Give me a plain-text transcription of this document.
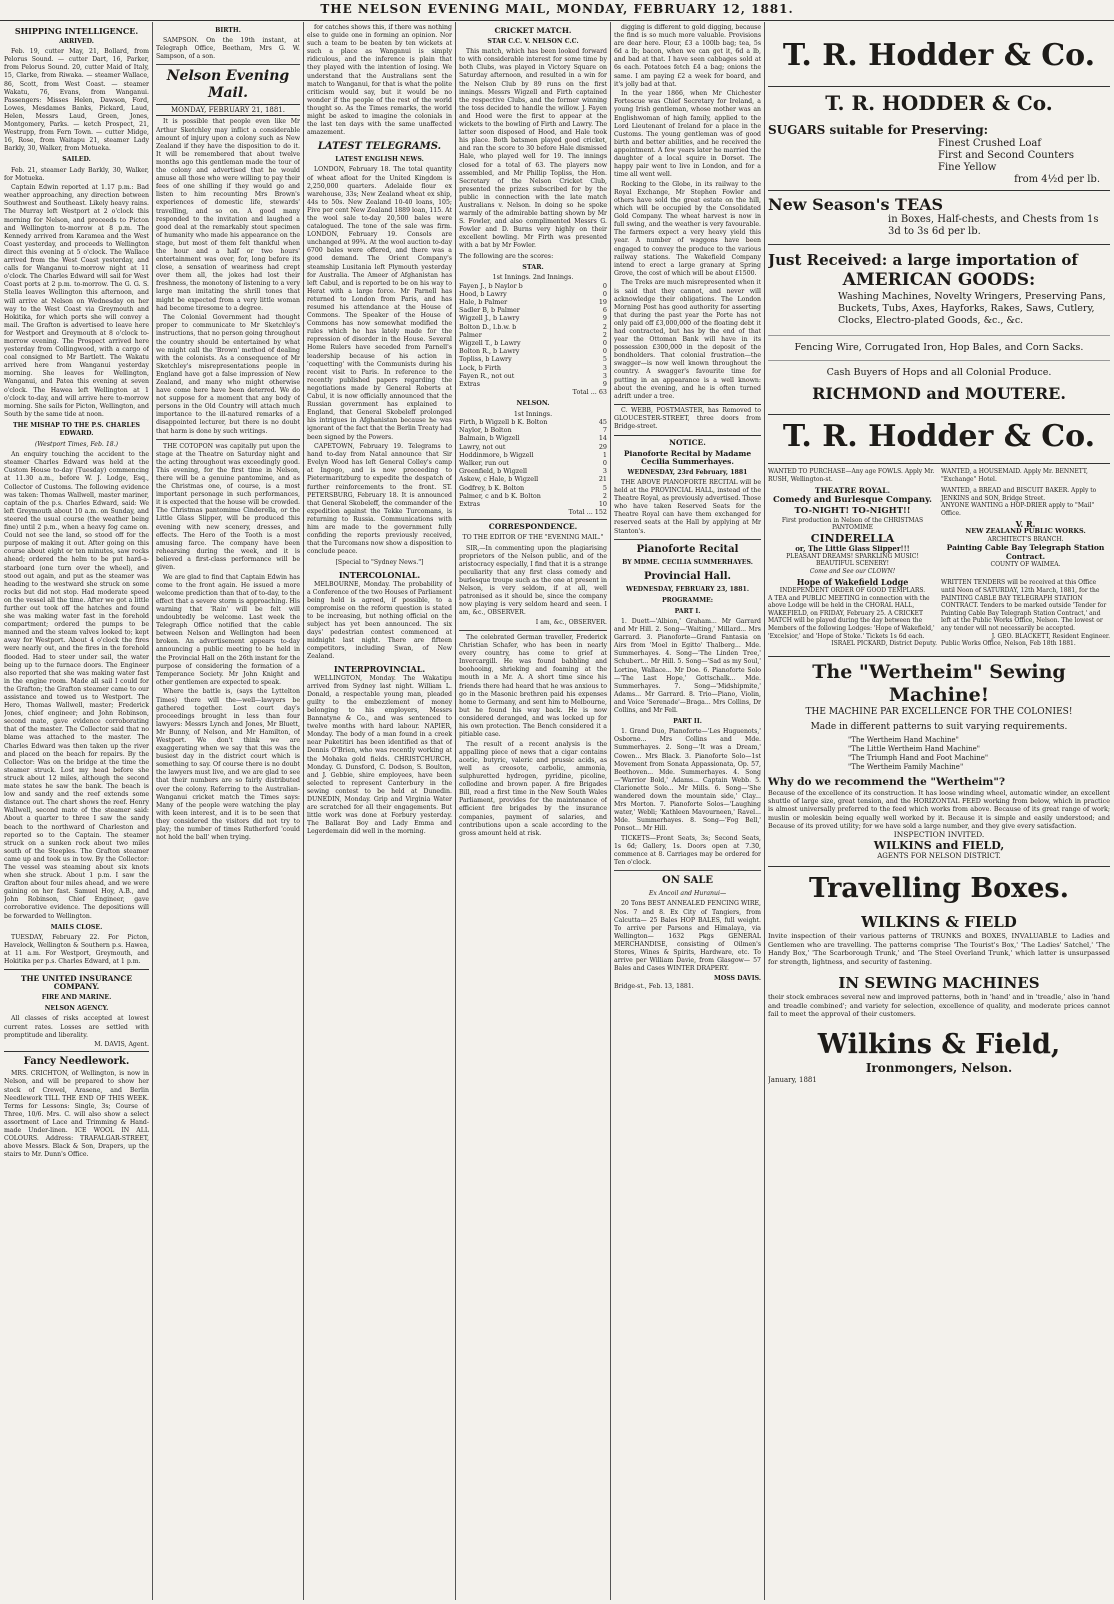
THE NELSON EVENING MAIL, MONDAY, FEBRUARY 12, 1881.
SHIPPING INTELLIGENCE.
ARRIVED.

Feb. 19, cutter May, 21, Bollard, from Pelorus Sound. — cutter Dart, 16, Parker, from Pelorus Sound. 20, cutter Maid of Italy, 15, Clarke, from Riwaka. — steamer Wallace, 86, Scott, from West Coast. — steamer Wakatu, 76, Evans, from Wanganui. Passengers: Misses Helen, Dawson, Ford, Lowes, Mesdames Banks, Pickard, Laud, Helen, Messrs Laud, Green, Jones, Montgomery, Parks. — ketch Prospect, 21, Westrupp, from Fern Town. — cutter Midge, 16, Rose, from Waitapu 21, steamer Lady Barkly, 30, Walker, from Motueka.

SAILED.

Feb. 21, steamer Lady Barkly, 30, Walker, for Motueka.

Captain Edwin reported at 1.17 p.m.: Bad weather approaching, any direction between Southwest and Southeast. Likely heavy rains. The Murray left Westport at 2 o'clock this morning for Nelson, and proceeds to Picton and Wellington to-morrow at 8 p.m. The Kennedy arrived from Karamea and the West Coast yesterday, and proceeds to Wellington direct this evening at 5 o'clock. The Wallace arrived from the West Coast yesterday, and calls for Wanganui to-morrow night at 11 o'clock. The Charles Edward will sail for West Coast ports at 2 p.m. to-morrow. The G. G. S. Stella leaves Wellington this afternoon, and will arrive at Nelson on Wednesday on her way to the West Coast via Greymouth and Hokitika, for which ports she will convey a mail. The Grafton is advertised to leave here for Westport and Greymouth at 8 o'clock to-morrow evening. The Prospect arrived here yesterday from Collingwood, with a cargo of coal consigned to Mr Bartlett. The Wakatu arrived here from Wanganui yesterday morning. She leaves for Wellington, Wanganui, and Patea this evening at seven o'clock. The Hawea left Wellington at 1 o'clock to-day, and will arrive here to-morrow morning. She sails for Picton, Wellington, and South by the same tide at noon.

THE MISHAP TO THE P.S. CHARLES EDWARD.
(Westport Times, Feb. 18.)

An enquiry touching the accident to the steamer Charles Edward was held at the Custom House to-day (Tuesday) commencing at 11.30 a.m., before W. J. Lodge, Esq., Collector of Customs. The following evidence was taken: Thomas Wallwell, master mariner, captain of the p.s. Charles Edward, said: We left Greymouth about 10 a.m. on Sunday, and steered the usual course (the weather being fine) until 2 p.m., when a heavy fog came on. Could not see the land, so stood off for the purpose of making it out. After going on this course about eight or ten minutes, saw rocks ahead; ordered the helm to be put hard-a-starboard (one turn over the wheel), and stood out again, and put as the steamer was heading to the westward she struck on some rocks but did not stop. Had moderate speed on the vessel all the time. After we got a little further out took off the hatches and found she was making water fast in the forehold compartment; ordered the pumps to be manned and the steam valves looked to; kept away for Westport. About 4 o'clock the fires were nearly out, and the fires in the forehold flooded. Had to steer under sail, the water being up to the furnace doors. The Engineer also reported that she was making water fast in the engine room. Made all sail I could for the Grafton; the Grafton steamer came to our assistance and towed us to Westport. The Hero, Thomas Wallwell, master; Frederick Jones, chief engineer; and John Robinson, second mate, gave evidence corroborating that of the master. The Collector said that no blame was attached to the master. The Charles Edward was then taken up the river and placed on the beach for repairs. By the Collector: Was on the bridge at the time the steamer struck. Lost my head before she struck about 12 miles, although the second mate states he saw the bank. The beach is low and sandy and the reef extends some distance out. The chart shows the reef. Henry Wallwell, second mate of the steamer said: About a quarter to three I saw the sandy beach to the northward of Charleston and reported so to the Captain. The steamer struck on a sunken rock about two miles south of the Steeples. The Grafton steamer came up and took us in tow. By the Collector: The vessel was steaming about six knots when she struck. About 1 p.m. I saw the Grafton about four miles ahead, and we were gaining on her fast. Samuel Hoy, A.B., and John Robinson, Chief Engineer, gave corroborative evidence. The depositions will be forwarded to Wellington.

MAILS CLOSE.

TUESDAY, February 22. For Picton, Havelock, Wellington & Southern p.s. Hawea, at 11 a.m. For Westport, Greymouth, and Hokitika per p.s. Charles Edward, at 1 p.m.

THE UNITED INSURANCE COMPANY.
FIRE AND MARINE.
NELSON AGENCY.

All classes of risks accepted at lowest current rates. Losses are settled with promptitude and liberality.

M. DAVIS, Agent.
Fancy Needlework.

MRS. CRICHTON, of Wellington, is now in Nelson, and will be prepared to show her stock of Crewel, Arasene, and Berlin Needlework TILL THE END OF THIS WEEK. Terms for Lessons: Single, 3s; Course of Three, 10/6. Mrs. C. will also show a select assortment of Lace and Trimming & Hand-made Under-linen. ICE WOOL IN ALL COLOURS. Address: TRAFALGAR-STREET, above Messrs. Black & Son, Drapers, up the stairs to Mr. Dunn's Office.

BIRTH.

SAMPSON. On the 19th instant, at Telegraph Office, Beetham, Mrs G. W. Sampson, of a son.

Nelson Evening Mail.
MONDAY, FEBRUARY 21, 1881.

It is possible that people even like Mr Arthur Sketchley may inflict a considerable amount of injury upon a colony such as New Zealand if they have the disposition to do it. It will be remembered that about twelve months ago this gentleman made the tour of the colony and advertised that he would amuse all those who were willing to pay their fees of one shilling if they would go and listen to him recounting Mrs Brown's experiences of domestic life, stewards' travelling, and so on. A good many responded to the invitation and laughed a good deal at the remarkably stout specimen of humanity who made his appearance on the stage, but most of them felt thankful when the hour and a half or two hours' entertainment was over, for, long before its close, a sensation of weariness had crept over them all, the jokes had lost their freshness, the monotony of listening to a very large man imitating the shrill tones that might be expected from a very little woman had become tiresome to a degree.

The Colonial Government had thought proper to communicate to Mr Sketchley's instructions, that no person going throughout the country should be entertained by what we might call the 'Brown' method of dealing with the colonists. As a consequence of Mr Sketchley's misrepresentations people in England have got a false impression of New Zealand, and many who might otherwise have come here have been deterred. We do not suppose for a moment that any body of persons in the Old Country will attach much importance to the ill-natured remarks of a disappointed lecturer, but there is no doubt that harm is done by such writings.

THE COTOPON was capitally put upon the stage at the Theatre on Saturday night and the acting throughout was exceedingly good. This evening, for the first time in Nelson, there will be a genuine pantomime, and as the Christmas one, of course, is a most important personage in such performances, it is expected that the house will be crowded. The Christmas pantomime Cinderella, or the Little Glass Slipper, will be produced this evening with new scenery, dresses, and effects. The Hero of the Tooth is a most amusing farce. The company have been rehearsing during the week, and it is believed a first-class performance will be given.

We are glad to find that Captain Edwin has come to the front again. He issued a more welcome prediction than that of to-day, to the effect that a severe storm is approaching. His warning that 'Rain' will be felt will undoubtedly be welcome. Last week the Telegraph Office notified that the cable between Nelson and Wellington had been broken. An advertisement appears to-day announcing a public meeting to be held in the Provincial Hall on the 26th instant for the purpose of considering the formation of a Temperance Society. Mr John Knight and other gentlemen are expected to speak.

Where the battle is, (says the Lyttelton Times) there will the—well—lawyers be gathered together. Lost court day's proceedings brought in less than four lawyers: Messrs Lynch and Jones, Mr Bluett, Mr Bunny, of Nelson, and Mr Hamilton, of Westport. We don't think we are exaggerating when we say that this was the busiest day in the district court which is something to say. Of course there is no doubt the lawyers must live, and we are glad to see that their numbers are so fairly distributed over the colony. Referring to the Australian-Wanganui cricket match the Times says: Many of the people were watching the play with keen interest, and it is to be seen that they considered the visitors did not try to play; the number of times Rutherford 'could not hold the ball' when trying.

for catches shows this, if there was nothing else to guide one in forming an opinion. Nor such a team to be beaten by ten wickets at such a place as Wanganui is simply ridiculous, and the inference is plain that they played with the intention of losing. We understand that the Australians sent the match to Wanganui, for that is what the polite criticism would say, but it would be no wonder if the people of the rest of the world thought so. As the Times remarks, the world might be asked to imagine the colonials in the last ten days with the same unaffected amazement.

LATEST TELEGRAMS.
LATEST ENGLISH NEWS.

LONDON, February 18. The total quantity of wheat afloat for the United Kingdom is 2,250,000 quarters. Adelaide flour ex warehouse, 33s; New Zealand wheat ex ship, 44s to 50s. New Zealand 10-40 loans, 105; Five per cent New Zealand 1889 loan, 115. At the wool sale to-day 20,500 bales were catalogued. The tone of the sale was firm. LONDON, February 19. Consols are unchanged at 99¾. At the wool auction to-day 6700 bales were offered, and there was a good demand. The Orient Company's steamship Lusitania left Plymouth yesterday for Australia. The Ameer of Afghanistan has left Cabul, and is reported to be on his way to Herat with a large force. Mr Parnell has returned to London from Paris, and has resumed his attendance at the House of Commons. The Speaker of the House of Commons has now somewhat modified the rules which he has lately made for the repression of disorder in the House. Several Home Rulers have seceded from Parnell's leadership because of his action in 'coquetting' with the Communists during his recent visit to Paris. In reference to the recently published papers regarding the negotiations made by General Roberts at Cabul, it is now officially announced that the Russian government has explained to England, that General Skobeleff prolonged his intrigues in Afghanistan because he was ignorant of the fact that the Berlin Treaty had been signed by the Powers.

CAPETOWN, February 19. Telegrams to hand to-day from Natal announce that Sir Evelyn Wood has left General Colley's camp at Ingogo, and is now proceeding to Pietermaritzburg to expedite the despatch of further reinforcements to the front. ST. PETERSBURG, February 18. It is announced that General Skobeleff, the commander of the expedition against the Tekke Turcomans, is returning to Russia. Communications with him are made to the government fully confiding the reports previously received, that the Turcomans now show a disposition to conclude peace.

[Special to "Sydney News."]
INTERCOLONIAL.

MELBOURNE, Monday. The probability of a Conference of the two Houses of Parliament being held is agreed, if possible, to a compromise on the reform question is stated to be increasing, but nothing official on the subject has yet been announced. The six days' pedestrian contest commenced at midnight last night. There are fifteen competitors, including Swan, of New Zealand.

INTERPROVINCIAL.

WELLINGTON, Monday. The Wakatipu arrived from Sydney last night. William L. Donald, a respectable young man, pleaded guilty to the embezzlement of money belonging to his employers, Messrs Bannatyne & Co., and was sentenced to twelve months with hard labour. NAPIER, Monday. The body of a man found in a creek near Puketitiri has been identified as that of Dennis O'Brien, who was recently working at the Mohaka gold fields. CHRISTCHURCH, Monday. G. Dunsford, C. Dodson, S. Boulton, and J. Gebbie, shire employees, have been selected to represent Canterbury in the sewing contest to be held at Dunedin. DUNEDIN, Monday. Grip and Virginia Water are scratched for all their engagements. But little work was done at Forbury yesterday. The Ballarat Boy and Lady Emma and Legerdemain did well in the morning.

CRICKET MATCH.
STAR C.C. V. NELSON C.C.

This match, which has been looked forward to with considerable interest for some time by both Clubs, was played in Victory Square on Saturday afternoon, and resulted in a win for the Nelson Club by 89 runs on the first innings. Messrs Wigzell and Firth captained the respective Clubs, and the former winning the toss decided to handle the willow. J. Fayen and Hood were the first to appear at the wickets to the bowling of Firth and Lawry. The latter soon disposed of Hood, and Hale took his place. Both batsmen played good cricket, and ran the score to 30 before Hale dismissed Hale, who played well for 19. The innings closed for a total of 63. The players now assembled, and Mr Phillip Topliss, the Hon. Secretary of the Nelson Cricket Club, presented the prizes subscribed for by the public in connection with the late match Australians v. Nelson. In doing so he spoke warmly of the admirable batting shown by Mr S. Fowler, and also complimented Messrs G. Fowler and D. Burns very highly on their excellent bowling. Mr Firth was presented with a bat by Mr Fowler.

The following are the scores:
STAR.
1st Innings. 2nd Innings.
Fayen J., b Naylor b	0
Hood, b Lawry	0
Hale, b Palmer	19
Sadler B, b Palmer	6
Wigzell J., b Lawry	9
Bolton D., l.b.w. b	2
Palmer	2
Wigzell T., b Lawry	0
Bolton R., b Lawry	0
Topliss, b Lawry	5
Lock, b Firth	3
Fayen R., not out	3
Extras	9
Total ... 63
NELSON.
1st Innings.
Firth, b Wigzell b K. Bolton	45
Naylor, b Bolton	7
Balmain, b Wigzell	14
Lawry, not out	29
Hoddinmore, b Wigzell	1
Walker, run out	0
Greenfield, b Wigzell	3
Askew, c Hale, b Wigzell	21
Godfrey, b K. Bolton	5
Palmer, c and b K. Bolton	2
Extras	10
Total ... 152
CORRESPONDENCE.
TO THE EDITOR OF THE "EVENING MAIL."

SIR,—In commenting upon the plagiarising proprietors of the Nelson public, and of the aristocracy especially, I find that it is a strange peculiarity that any first class comedy and burlesque troupe such as the one at present in Nelson, is very seldom, if at all, well patronised as it should be, since the company now playing is very seldom heard and seen. I am, &c., OBSERVER.

I am, &c., OBSERVER.

The celebrated German traveller, Frederick Christian Schafer, who has been in nearly every country, has come to grief at Invercargill. He was found babbling and boohooing, shrieking and foaming at the mouth in a Mr. A. A short time since his friends there had heard that he was anxious to go in the Masonic brethren paid his expenses home to Germany, and sent him to Melbourne, but he found his way back. He is now considered deranged, and was locked up for his own protection. The Bench considered it a pitiable case.

The result of a recent analysis is the appalling piece of news that a cigar contains acetic, butyric, valeric and prussic acids, as well as creosote, carbolic, ammonia, sulphuretted hydrogen, pyridine, picoline, collodine and brown paper. A fire Brigades Bill, read a first time in the New South Wales Parliament, provides for the maintenance of efficient fire brigades by the insurance companies, payment of salaries, and contributions upon a scale according to the gross amount held at risk.

digging is different to gold digging, because the find is so much more valuable. Provisions are dear here. Flour, £3 a 100lb bag; tea, 5s 6d a lb; bacon, when we can get it, 6d a lb, and bad at that. I have seen cabbages sold at 6s each. Potatoes fetch £4 a bag; onions the same. I am paying £2 a week for board, and it's jolly bad at that.

In the year 1866, when Mr Chichester Fortescue was Chief Secretary for Ireland, a young Irish gentleman, whose mother was an Englishwoman of high family, applied to the Lord Lieutenant of Ireland for a place in the Customs. The young gentleman was of good birth and better abilities, and he received the appointment. A few years later he married the daughter of a local squire in Dorset. The happy pair went to live in London, and for a time all went well.

Rocking to the Globe, in its railway to the Royal Exchange, Mr Stephen Fowler and others have sold the great estate on the hill, which will be occupied by the Consolidated Gold Company. The wheat harvest is now in full swing, and the weather is very favourable. The farmers expect a very heavy yield this year. A number of waggons have been engaged to convey the produce to the various railway stations. The Wakefield Company intend to erect a large granary at Spring Grove, the cost of which will be about £1500.

The Treks are much misrepresented when it is said that they cannot, and never will acknowledge their obligations. The London Morning Post has good authority for asserting that during the past year the Porte has not only paid off £3,000,000 of the floating debt it had contracted, but has by the end of that year the Ottoman Bank will have in its possession £300,000 in the deposit of the bondholders. That colonial frustration—the swagger—is now well known throughout the country. A swagger's favourite time for putting in an appearance is a well known: about the evening, and he is often turned adrift under a tree.

C. WEBB, POSTMASTER, has Removed to GLOUCESTER-STREET, three doors from Bridge-street.

NOTICE.
Pianoforte Recital by Madame Cecilia Summerhayes.
WEDNESDAY, 23rd February, 1881

THE ABOVE PIANOFORTE RECITAL will be held at the PROVINCIAL HALL, instead of the Theatre Royal, as previously advertised. Those who have taken Reserved Seats for the Theatre Royal can have them exchanged for reserved seats at the Hall by applying at Mr Stanton's.

Pianoforte Recital
BY MDME. CECILIA SUMMERHAYES.
Provincial Hall.
WEDNESDAY, FEBRUARY 23, 1881.
PROGRAMME:
PART I.

1. Duett—'Albion,' Graham... Mr Garrard and Mr Hill. 2. Song—'Waiting,' Millard... Mrs Garrard. 3. Pianoforte—Grand Fantasia on Airs from 'Moel in Egitto' Thalberg... Mde. Summerhayes. 4. Song—'The Linden Tree,' Schubert... Mr Hill. 5. Song—'Sad as my Soul,' Lortine, Wallace... Mr Doe. 6. Pianoforte Solo—'The Last Hope,' Gottschalk... Mde. Summerhayes. 7. Song—'Midshipmite,' Adams... Mr Garrard. 8. Trio—Piano, Violin, and Voice 'Serenade'—Braga... Mrs Collins, Dr Collins, and Mr Fell.

PART II.

1. Grand Duo, Pianoforte—'Les Huguenots,' Osborne... Mrs Collins and Mde. Summerhayes. 2. Song—'It was a Dream,' Cowen... Mrs Black. 3. Pianoforte Solo—1st Movement from Sonata Appassionata, Op. 57, Beethoven... Mde. Summerhayes. 4. Song—'Warrior Bold,' Adams... Captain Webb. 5. Clarionette Solo... Mr Mills. 6. Song—'She wandered down the mountain side,' Clay... Mrs Morton. 7. Pianoforte Solos—'Laughing water,' Webli; 'Kathleen Mavourneen,' Ravel... Mde. Summerhayes. 8. Song—'Fog Bell,' Ponsot... Mr Hill.

TICKETS—Front Seats, 3s; Second Seats, 1s 6d; Gallery, 1s. Doors open at 7.30, commence at 8. Carriages may be ordered for Ten o'clock.

ON SALE
Ex Ancoil and Huranui—

20 Tons BEST ANNEALED FENCING WIRE, Nos. 7 and 8. Ex City of Tangiers, from Calcutta— 25 Bales HOP BALES, full weight. To arrive per Parsons and Himalaya, via Wellington— 1632 Pkgs GENERAL MERCHANDISE, consisting of Oilmen's Stores, Wines & Spirits, Hardware, etc. To arrive per William Davie, from Glasgow— 57 Bales and Cases WINTER DRAPERY.

MOSS DAVIS.
Bridge-st., Feb. 13, 1881.
T. R. Hodder & Co.
T. R. HODDER & Co.
SUGARS suitable for Preserving:
Finest Crushed Loaf
First and Second Counters
Fine Yellow
from 4½d per lb.
New Season's TEAS
in Boxes, Half-chests, and Chests from 1s 3d to 3s 6d per lb.
Just Received: a large importation of
AMERICAN GOODS:
Washing Machines, Novelty Wringers, Preserving Pans, Buckets, Tubs, Axes, Hayforks, Rakes, Saws, Cutlery, Clocks, Electro-plated Goods, &c., &c.
Fencing Wire, Corrugated Iron, Hop Bales, and Corn Sacks.
Cash Buyers of Hops and all Colonial Produce.
RICHMOND and MOUTERE.
T. R. Hodder & Co.
WANTED TO PURCHASE—Any age FOWLS. Apply Mr. RUSH, Wellington-st.
WANTED, a HOUSEMAID. Apply Mr. BENNETT, "Exchange" Hotel.
THEATRE ROYAL.
Comedy and Burlesque Company.
TO-NIGHT! TO-NIGHT!!
First production in Nelson of the CHRISTMAS PANTOMIME
CINDERELLA
or, The Little Glass Slipper!!!
PLEASANT DREAMS! SPARKLING MUSIC! BEAUTIFUL SCENERY!
Come and See our CLOWN!
WANTED, a BREAD and BISCUIT BAKER. Apply to JENKINS and SON, Bridge Street.
ANYONE WANTING a HOP-DRIER apply to "Mail" Office.
V. R.
NEW ZEALAND PUBLIC WORKS.
ARCHITECT'S BRANCH.
Painting Cable Bay Telegraph Station Contract.
COUNTY OF WAIMEA.
Hope of Wakefield Lodge
INDEPENDENT ORDER OF GOOD TEMPLARS.
A TEA and PUBLIC MEETING in connection with the above Lodge will be held in the CHORAL HALL, WAKEFIELD, on FRIDAY, February 25. A CRICKET MATCH will be played during the day between the Members of the following Lodges: 'Hope of Wakefield,' 'Excelsior,' and 'Hope of Stoke.' Tickets 1s 6d each.
ISRAEL PICKARD, District Deputy.
WRITTEN TENDERS will be received at this Office until Noon of SATURDAY, 12th March, 1881, for the PAINTING CABLE BAY TELEGRAPH STATION CONTRACT. Tenders to be marked outside 'Tender for Painting Cable Bay Telegraph Station Contract,' and left at the Public Works Office, Nelson. The lowest or any tender will not necessarily be accepted.
J. GEO. BLACKETT, Resident Engineer.
Public Works Office, Nelson, Feb 18th 1881.
The "Wertheim" Sewing Machine!
THE MACHINE PAR EXCELLENCE FOR THE COLONIES!
Made in different patterns to suit varying requirements.
"The Wertheim Hand Machine"
"The Little Wertheim Hand Machine"
"The Triumph Hand and Foot Machine"
"The Wertheim Family Machine"
Why do we recommend the "Wertheim"?
Because of the excellence of its construction. It has loose winding wheel, automatic winder, an excellent shuttle of large size, great tension, and the HORIZONTAL FEED working from below, which in practice is almost universally preferred to the feed which works from above. Because of its great range of work; muslin or moleskin being equally well worked by it. Because it is simple and easily understood; and Because of its proved utility; for we have sold a large number, and they give every satisfaction.
INSPECTION INVITED.
WILKINS and FIELD,
AGENTS FOR NELSON DISTRICT.
Travelling Boxes.
WILKINS & FIELD
Invite inspection of their various patterns of TRUNKS and BOXES, INVALUABLE to Ladies and Gentlemen who are travelling. The patterns comprise 'The Tourist's Box,' 'The Ladies' Satchel,' 'The Handy Box,' 'The Scarborough Trunk,' and 'The Steel Overland Trunk,' which latter is unsurpassed for strength, lightness, and security of fastening.
IN SEWING MACHINES
their stock embraces several new and improved patterns, both in 'hand' and in 'treadle,' also in 'hand and treadle combined'; and variety for selection, excellence of quality, and moderate prices cannot fail to meet the approval of their customers.
Wilkins & Field,
Ironmongers, Nelson.
January, 1881
